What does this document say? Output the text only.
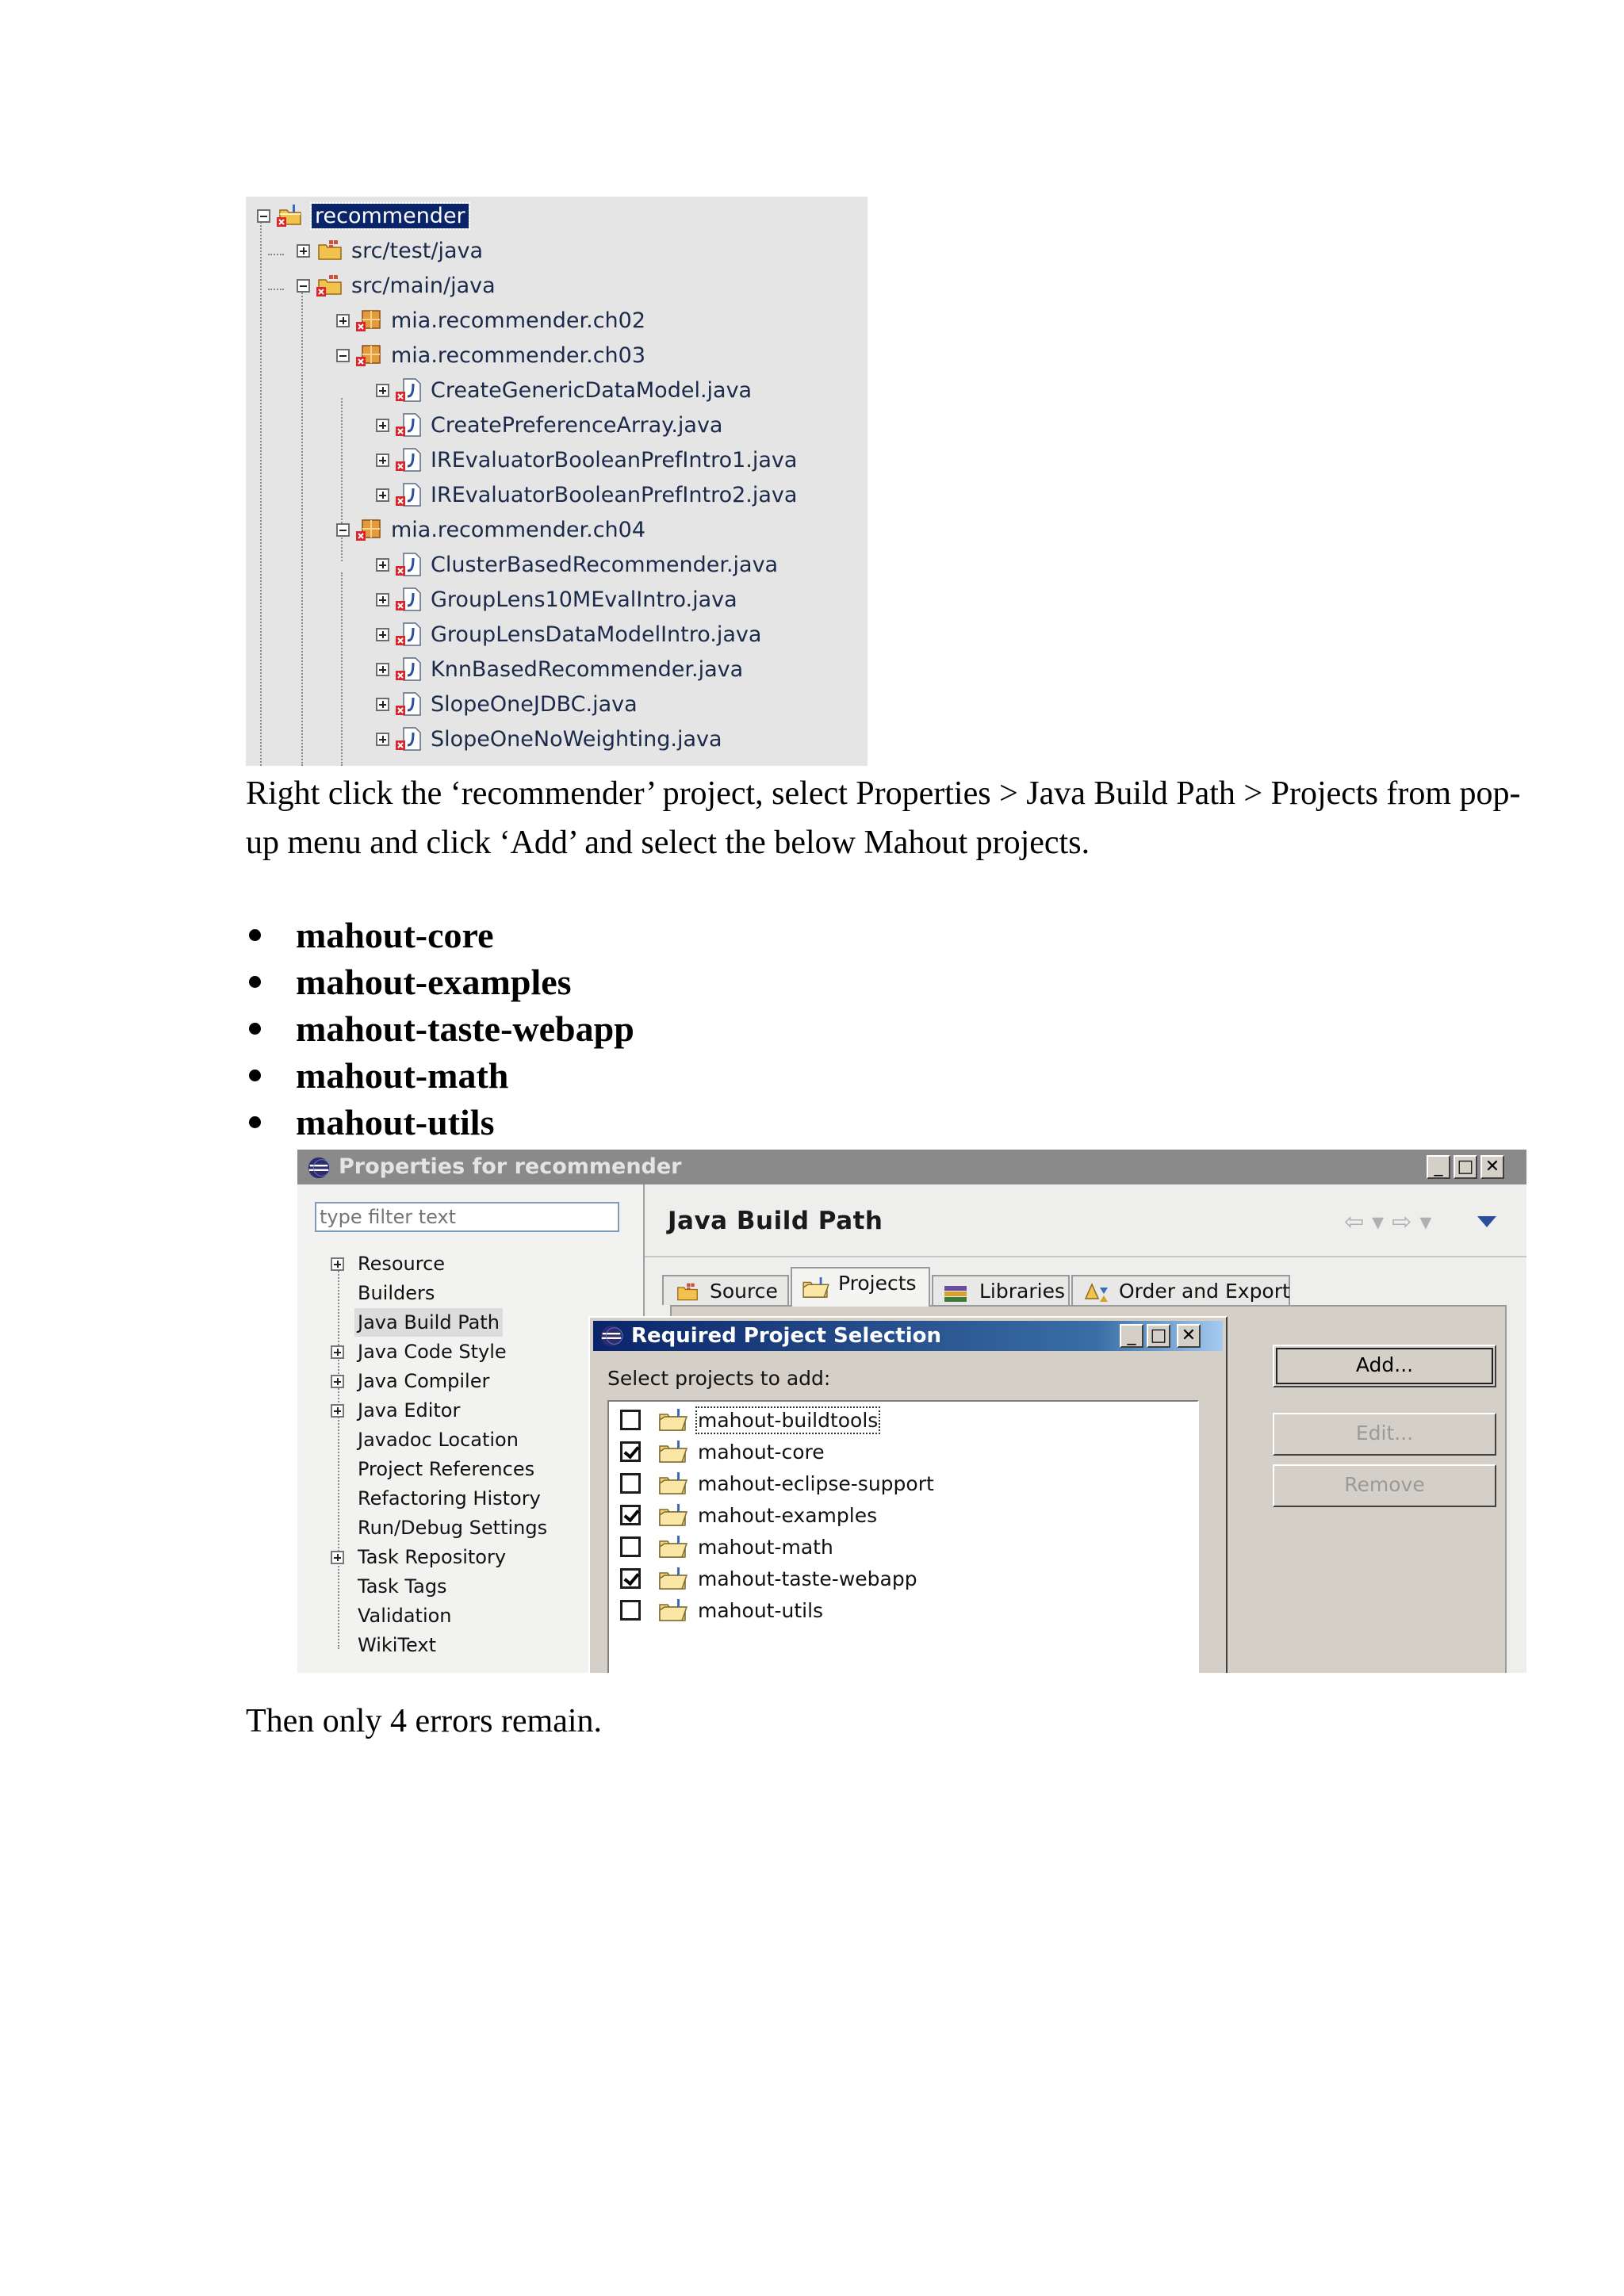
recommender
src/test/java
src/main/java
mia.recommender.ch02
mia.recommender.ch03
CreateGenericDataModel.java
CreatePreferenceArray.java
IREvaluatorBooleanPrefIntro1.java
IREvaluatorBooleanPrefIntro2.java
mia.recommender.ch04
ClusterBasedRecommender.java
GroupLens10MEvalIntro.java
GroupLensDataModelIntro.java
KnnBasedRecommender.java
SlopeOneJDBC.java
SlopeOneNoWeighting.java

Right click the ‘recommender’ project, select Properties > Java Build Path > Projects from pop-up menu and click ‘Add’ and select the below Mahout projects.

mahout-core
mahout-examples
mahout-taste-webapp
mahout-math
mahout-utils
Properties for recommender	_ □ ✕
type filter text
Resource
Builders
Java Build Path
Java Code Style
Java Compiler
Java Editor
Javadoc Location
Project References
Refactoring History
Run/Debug Settings
Task Repository
Task Tags
Validation
WikiText
Java Build Path	⇦▾⇨▾
Source	Projects	Libraries	Order and Export
Add...
Edit...
Remove
Required Project Selection	_ □ ✕
Select projects to add:
mahout-buildtools
mahout-core
mahout-eclipse-support
mahout-examples
mahout-math
mahout-taste-webapp
mahout-utils

Then only 4 errors remain.
